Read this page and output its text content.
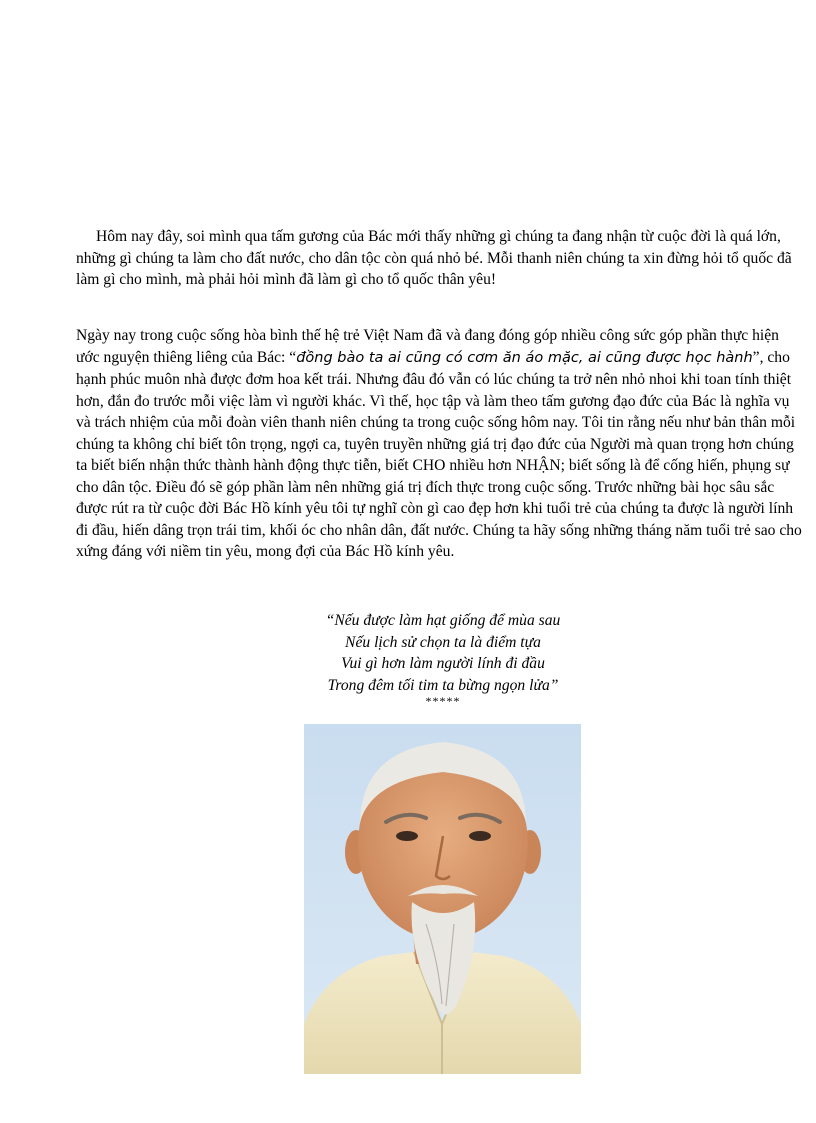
Hôm nay đây, soi mình qua tấm gương của Bác mới thấy những gì chúng ta đang nhận từ cuộc đời là quá lớn, những gì chúng ta làm cho đất nước, cho dân tộc còn quá nhỏ bé. Mỗi thanh niên chúng ta xin đừng hỏi tổ quốc đã làm gì cho mình, mà phải hỏi mình đã làm gì cho tổ quốc thân yêu!

Ngày nay trong cuộc sống hòa bình thế hệ trẻ Việt Nam đã và đang đóng góp nhiều công sức góp phần thực hiện ước nguyện thiêng liêng của Bác: “đồng bào ta ai cũng có cơm ăn áo mặc, ai cũng được học hành”, cho hạnh phúc muôn nhà được đơm hoa kết trái. Nhưng đâu đó vẫn có lúc chúng ta trở nên nhỏ nhoi khi toan tính thiệt hơn, đắn đo trước mỗi việc làm vì người khác. Vì thế, học tập và làm theo tấm gương đạo đức của Bác là nghĩa vụ và trách nhiệm của mỗi đoàn viên thanh niên chúng ta trong cuộc sống hôm nay. Tôi tin rằng nếu như bản thân mỗi chúng ta không chỉ biết tôn trọng, ngợi ca, tuyên truyền những giá trị đạo đức của Người mà quan trọng hơn chúng ta biết biến nhận thức thành hành động thực tiễn, biết CHO nhiều hơn NHẬN; biết sống là để cống hiến, phụng sự cho dân tộc. Điều đó sẽ góp phần làm nên những giá trị đích thực trong cuộc sống. Trước những bài học sâu sắc được rút ra từ cuộc đời Bác Hồ kính yêu tôi tự nghĩ còn gì cao đẹp hơn khi tuổi trẻ của chúng ta được là người lính đi đầu, hiến dâng trọn trái tim, khối óc cho nhân dân, đất nước. Chúng ta hãy sống những tháng năm tuổi trẻ sao cho xứng đáng với niềm tin yêu, mong đợi của Bác Hồ kính yêu.

“Nếu được làm hạt giống để mùa sau
Nếu lịch sử chọn ta là điểm tựa
Vui gì hơn làm người lính đi đầu
Trong đêm tối tim ta bừng ngọn lửa”
*****
